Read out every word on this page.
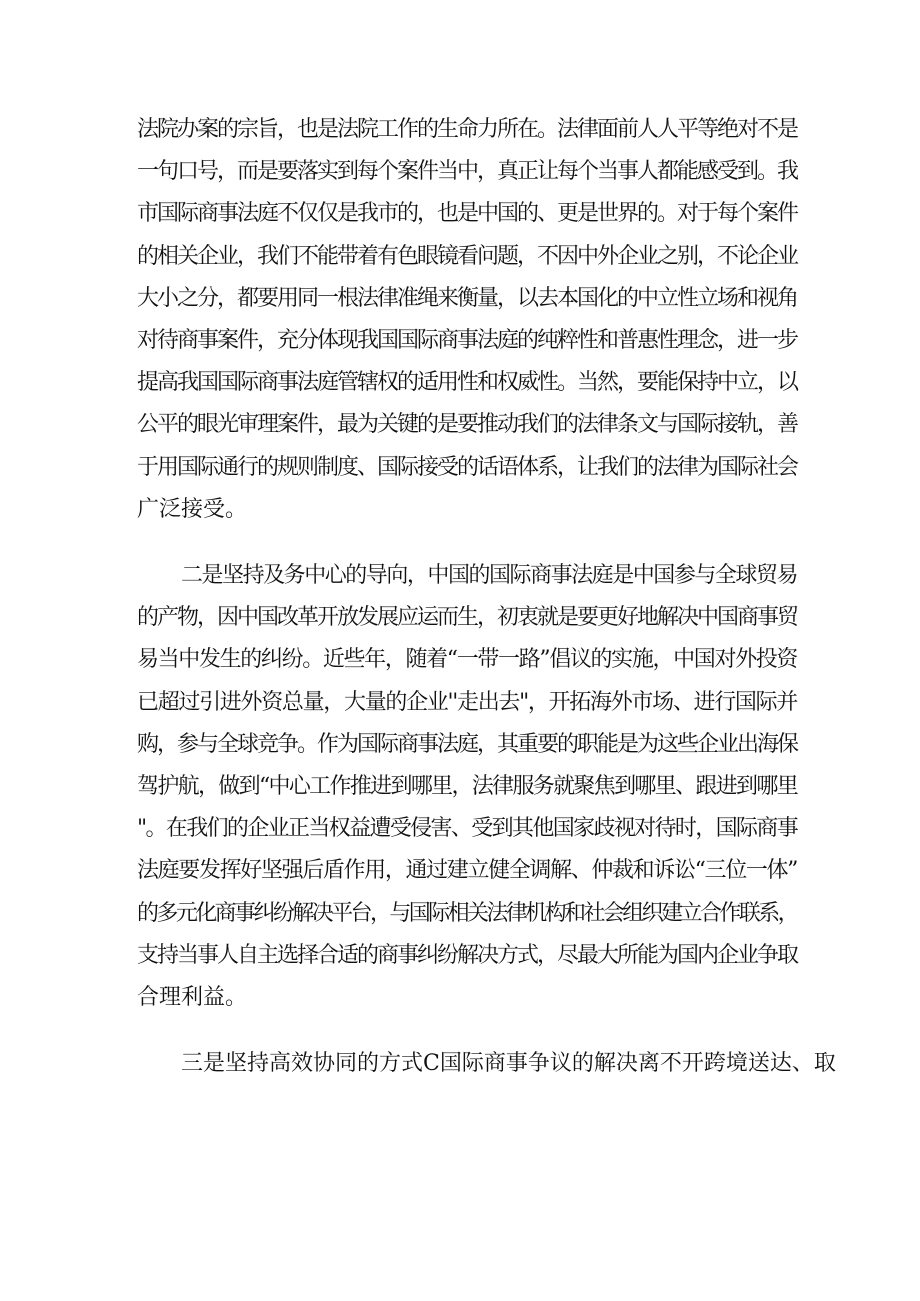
法院办案的宗旨，也是法院工作的生命力所在。法律面前人人平等绝对不是
一句口号，而是要落实到每个案件当中，真正让每个当事人都能感受到。我
市国际商事法庭不仅仅是我市的，也是中国的、更是世界的。对于每个案件
的相关企业，我们不能带着有色眼镜看问题，不因中外企业之别，不论企业
大小之分，都要用同一根法律准绳来衡量，以去本国化的中立性立场和视角
对待商事案件，充分体现我国国际商事法庭的纯粹性和普惠性理念，进一步
提高我国国际商事法庭管辖权的适用性和权威性。当然，要能保持中立，以
公平的眼光审理案件，最为关键的是要推动我们的法律条文与国际接轨，善
于用国际通行的规则制度、国际接受的话语体系，让我们的法律为国际社会
广泛接受。
二是坚持及务中心的导向，中国的国际商事法庭是中国参与全球贸易
的产物，因中国改革开放发展应运而生，初衷就是要更好地解决中国商事贸
易当中发生的纠纷。近些年，随着“一带一路”倡议的实施，中国对外投资
已超过引进外资总量，大量的企业''走出去"，开拓海外市场、进行国际并
购，参与全球竞争。作为国际商事法庭，其重要的职能是为这些企业出海保
驾护航，做到“中心工作推进到哪里，法律服务就聚焦到哪里、跟进到哪里
"。在我们的企业正当权益遭受侵害、受到其他国家歧视对待时，国际商事
法庭要发挥好坚强后盾作用，通过建立健全调解、仲裁和诉讼“三位一体”
的多元化商事纠纷解决平台，与国际相关法律机构和社会组织建立合作联系，
支持当事人自主选择合适的商事纠纷解决方式，尽最大所能为国内企业争取
合理利益。
三是坚持高效协同的方式C国际商事争议的解决离不开跨境送达、取
